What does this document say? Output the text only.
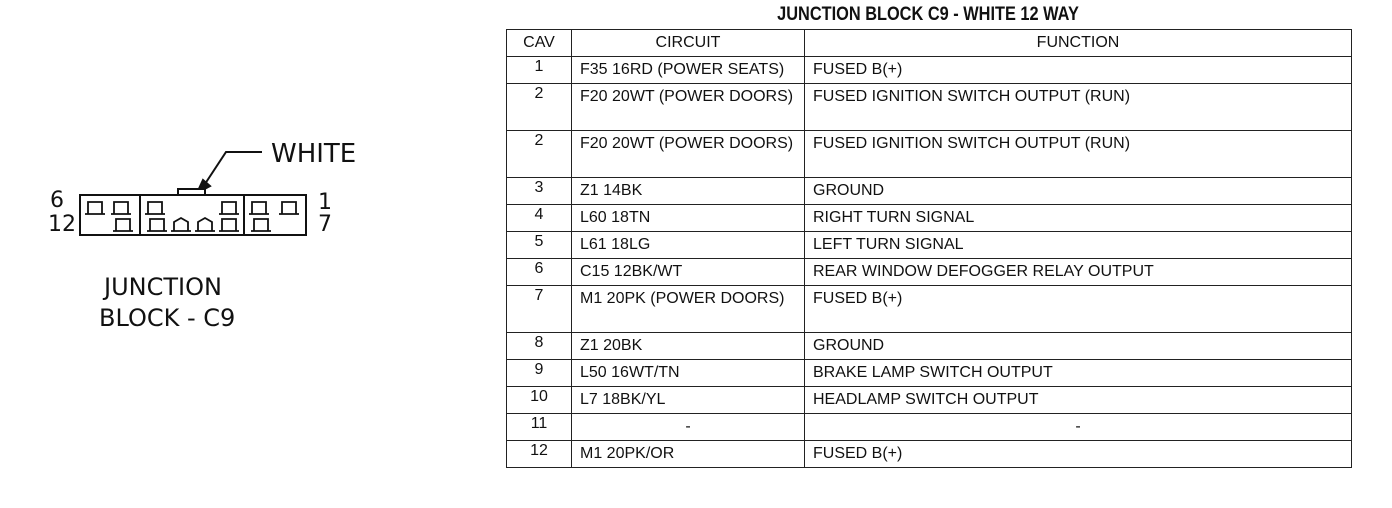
WHITE
6
12
1
7
JUNCTION
BLOCK - C9
JUNCTION BLOCK C9 - WHITE 12 WAY
CAV	CIRCUIT	FUNCTION
1	F35 16RD (POWER SEATS)	FUSED B(+)
2	F20 20WT (POWER DOORS)	FUSED IGNITION SWITCH OUTPUT (RUN)
2	F20 20WT (POWER DOORS)	FUSED IGNITION SWITCH OUTPUT (RUN)
3	Z1 14BK	GROUND
4	L60 18TN	RIGHT TURN SIGNAL
5	L61 18LG	LEFT TURN SIGNAL
6	C15 12BK/WT	REAR WINDOW DEFOGGER RELAY OUTPUT
7	M1 20PK (POWER DOORS)	FUSED B(+)
8	Z1 20BK	GROUND
9	L50 16WT/TN	BRAKE LAMP SWITCH OUTPUT
10	L7 18BK/YL	HEADLAMP SWITCH OUTPUT
11	-	-
12	M1 20PK/OR	FUSED B(+)
